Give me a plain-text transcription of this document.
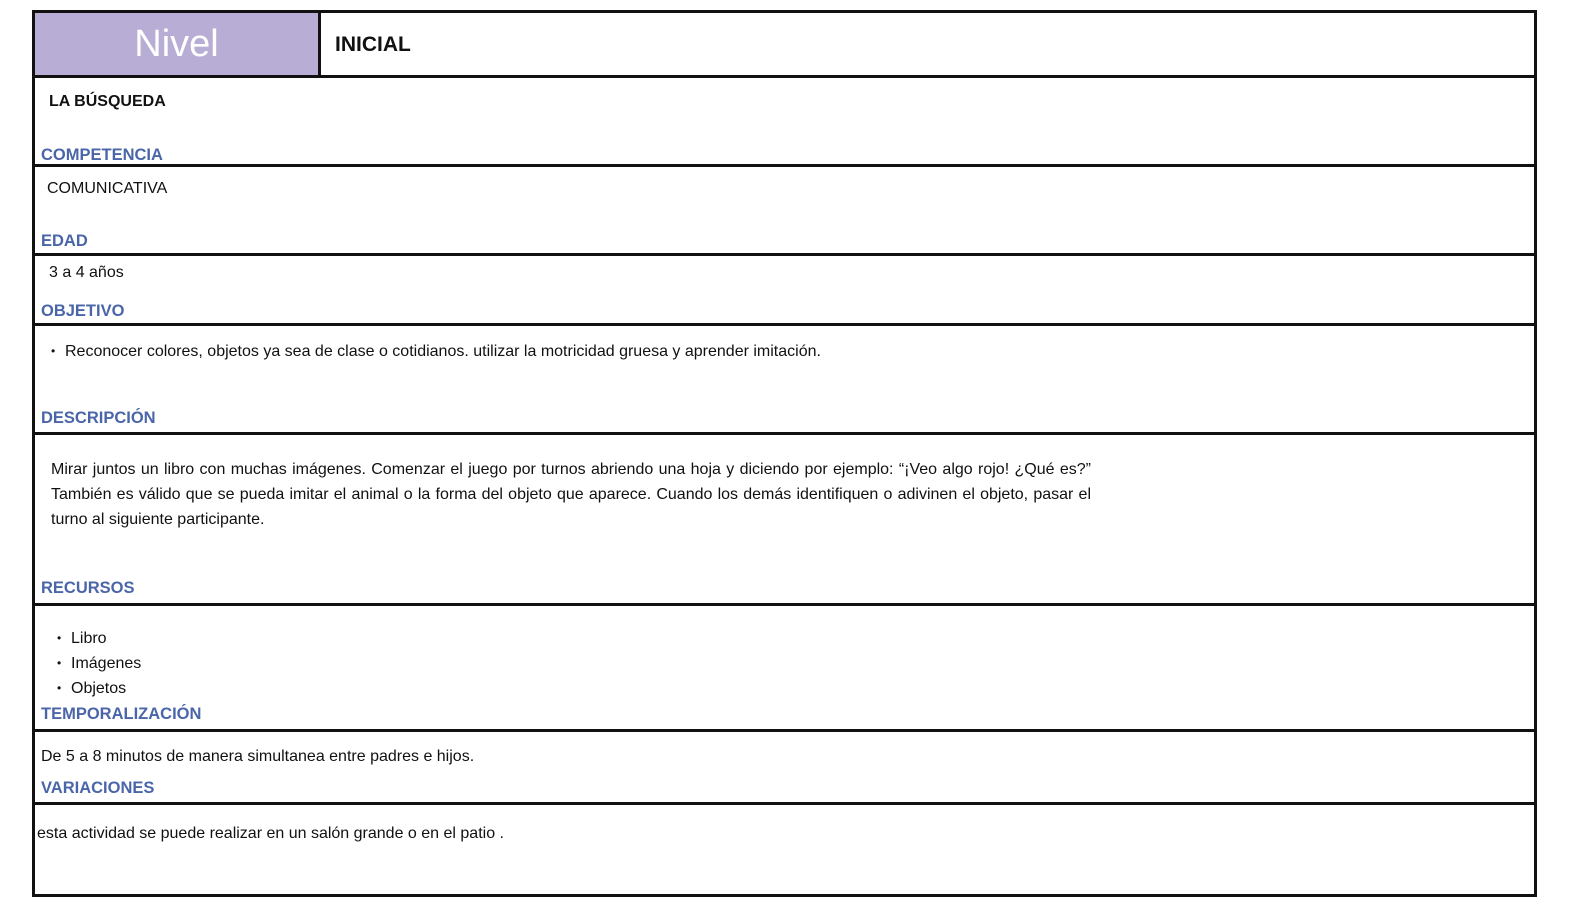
Nivel	INICIAL
LA BÚSQUEDA
COMPETENCIA
COMUNICATIVA
EDAD
3 a 4 años
OBJETIVO
• Reconocer colores, objetos ya sea de clase o cotidianos. utilizar la motricidad gruesa y aprender imitación.
DESCRIPCIÓN
Mirar juntos un libro con muchas imágenes. Comenzar el juego por turnos abriendo una hoja y diciendo por ejemplo: “¡Veo algo rojo! ¿Qué es?” También es válido que se pueda imitar el animal o la forma del objeto que aparece. Cuando los demás identifiquen o adivinen el objeto, pasar el turno al siguiente participante.
RECURSOS
• Libro
• Imágenes
• Objetos
TEMPORALIZACIÓN
De 5 a 8 minutos de manera simultanea entre padres e hijos.
VARIACIONES
esta actividad se puede realizar en un salón grande o en el patio .
